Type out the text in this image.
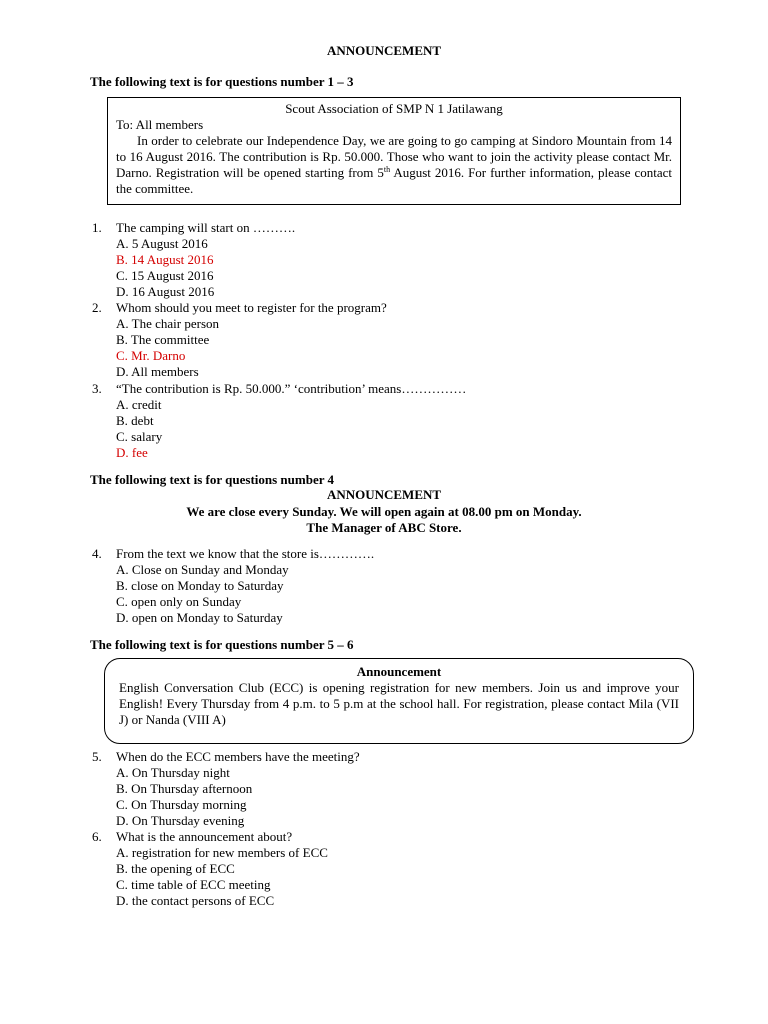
ANNOUNCEMENT
The following text is for questions number 1 – 3
Scout Association of SMP N 1 Jatilawang
To: All members
In order to celebrate our Independence Day, we are going to go camping at Sindoro Mountain from 14 to 16 August 2016. The contribution is Rp. 50.000. Those who want to join the activity please contact Mr. Darno. Registration will be opened starting from 5th August 2016. For further information, please contact the committee.
1. The camping will start on ……….
A. 5 August 2016
B. 14 August 2016
C. 15 August 2016
D. 16 August 2016
2. Whom should you meet to register for the program?
A. The chair person
B. The committee
C. Mr. Darno
D. All members
3. “The contribution is Rp. 50.000.” ‘contribution’ means……………
A. credit
B. debt
C. salary
D. fee
The following text is for questions number 4
ANNOUNCEMENT
We are close every Sunday. We will open again at 08.00 pm on Monday.
The Manager of ABC Store.
4. From the text we know that the store is………….
A. Close on Sunday and Monday
B. close on Monday to Saturday
C. open only on Sunday
D. open on Monday to Saturday
The following text is for questions number 5 – 6
Announcement
English Conversation Club (ECC) is opening registration for new members. Join us and improve your English! Every Thursday from 4 p.m. to 5 p.m at the school hall. For registration, please contact Mila (VII J) or Nanda (VIII A)
5. When do the ECC members have the meeting?
A. On Thursday night
B. On Thursday afternoon
C. On Thursday morning
D. On Thursday evening
6. What is the announcement about?
A. registration for new members of ECC
B. the opening of ECC
C. time table of ECC meeting
D. the contact persons of ECC
